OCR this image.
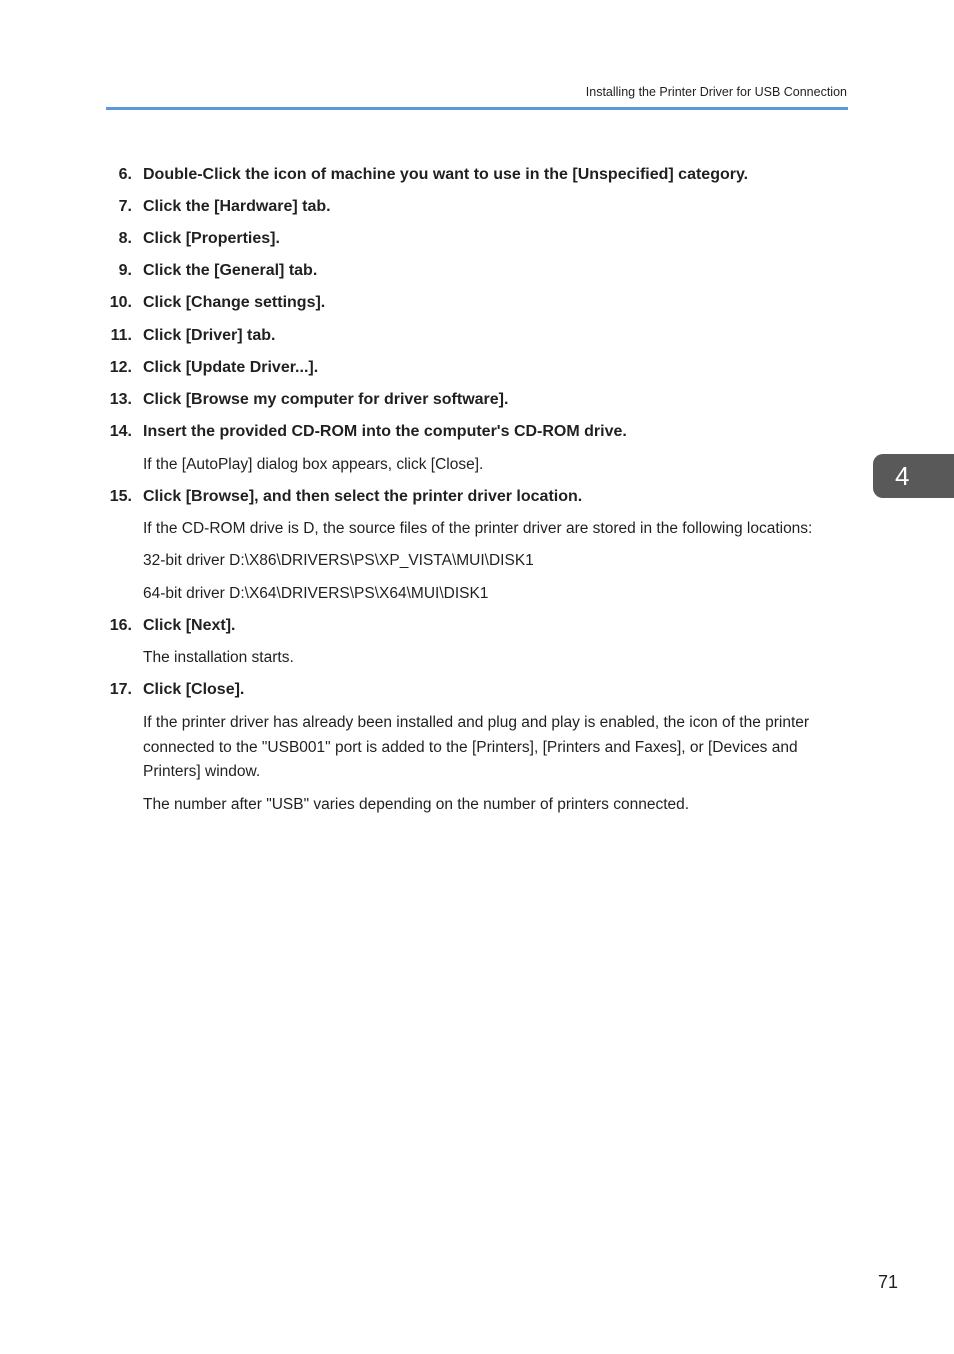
Installing the Printer Driver for USB Connection
6. Double-Click the icon of machine you want to use in the [Unspecified] category.
7. Click the [Hardware] tab.
8. Click [Properties].
9. Click the [General] tab.
10. Click [Change settings].
11. Click [Driver] tab.
12. Click [Update Driver...].
13. Click [Browse my computer for driver software].
14. Insert the provided CD-ROM into the computer's CD-ROM drive.
If the [AutoPlay] dialog box appears, click [Close].
15. Click [Browse], and then select the printer driver location.
If the CD-ROM drive is D, the source files of the printer driver are stored in the following locations:
32-bit driver D:\X86\DRIVERS\PS\XP_VISTA\MUI\DISK1
64-bit driver D:\X64\DRIVERS\PS\X64\MUI\DISK1
16. Click [Next].
The installation starts.
17. Click [Close].
If the printer driver has already been installed and plug and play is enabled, the icon of the printer connected to the "USB001" port is added to the [Printers], [Printers and Faxes], or [Devices and Printers] window.
The number after "USB" varies depending on the number of printers connected.
4
71
